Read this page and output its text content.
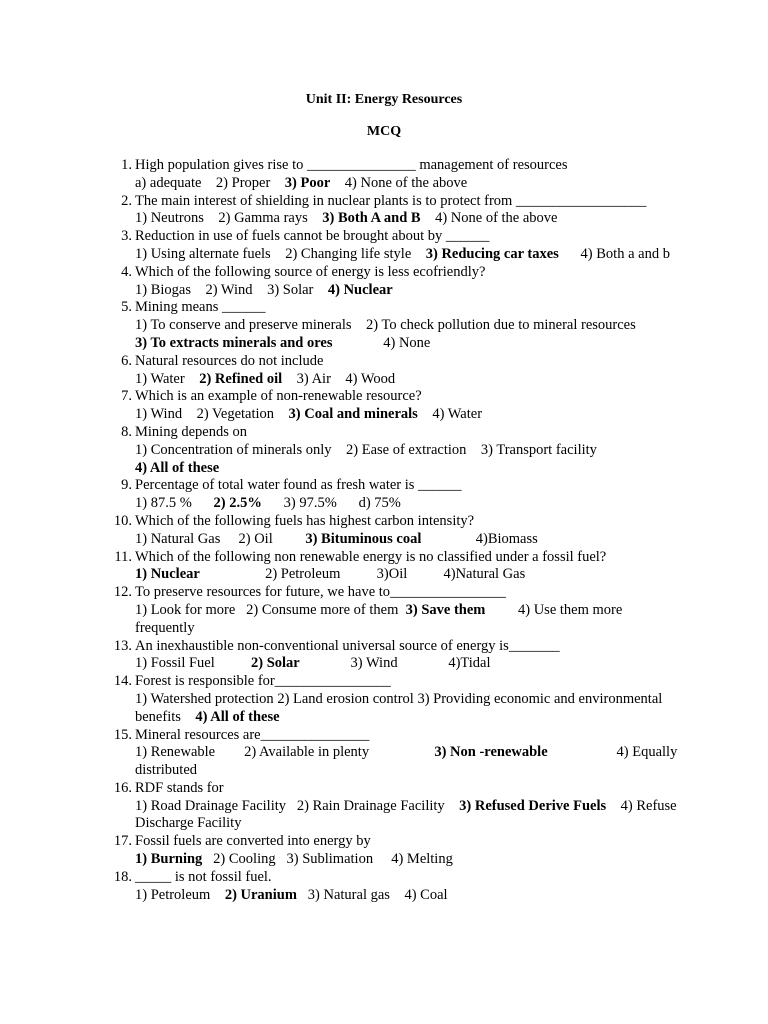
Unit II: Energy Resources
MCQ
1. High population gives rise to _______________ management of resources
a) adequate 2) Proper 3) Poor 4) None of the above
2. The main interest of shielding in nuclear plants is to protect from __________________
1) Neutrons 2) Gamma rays 3) Both A and B 4) None of the above
3. Reduction in use of fuels cannot be brought about by ______
1) Using alternate fuels 2) Changing life style 3) Reducing car taxes 4) Both a and b
4. Which of the following source of energy is less ecofriendly?
1) Biogas 2) Wind 3) Solar 4) Nuclear
5. Mining means ______
1) To conserve and preserve minerals 2) To check pollution due to mineral resources
3) To extracts minerals and ores	4) None
6. Natural resources do not include
1) Water 2) Refined oil 3) Air 4) Wood
7. Which is an example of non-renewable resource?
1) Wind 2) Vegetation 3) Coal and minerals 4) Water
8. Mining depends on
1) Concentration of minerals only 2) Ease of extraction 3) Transport facility
4) All of these
9. Percentage of total water found as fresh water is ______
1) 87.5 % 2) 2.5% 3) 97.5% d) 75%
10. Which of the following fuels has highest carbon intensity?
1) Natural Gas 2) Oil 3) Bituminous coal	4)Biomass
11. Which of the following non renewable energy is no classified under a fossil fuel?
1) Nuclear	2) Petroleum	3)Oil	4)Natural Gas
12. To preserve resources for future, we have to________________
1) Look for more 2) Consume more of them 3) Save them 4) Use them more frequently
13. An inexhaustible non-conventional universal source of energy is_______
1) Fossil Fuel	2) Solar	3) Wind	4)Tidal
14. Forest is responsible for________________
1) Watershed protection 2) Land erosion control 3) Providing economic and environmental benefits 4) All of these
15. Mineral resources are_______________
1) Renewable 2) Available in plenty	3) Non -renewable	4) Equally distributed
16. RDF stands for
1) Road Drainage Facility 2) Rain Drainage Facility 3) Refused Derive Fuels 4) Refuse Discharge Facility
17. Fossil fuels are converted into energy by
1) Burning 2) Cooling 3) Sublimation 4) Melting
18. _____ is not fossil fuel.
1) Petroleum 2) Uranium 3) Natural gas 4) Coal
